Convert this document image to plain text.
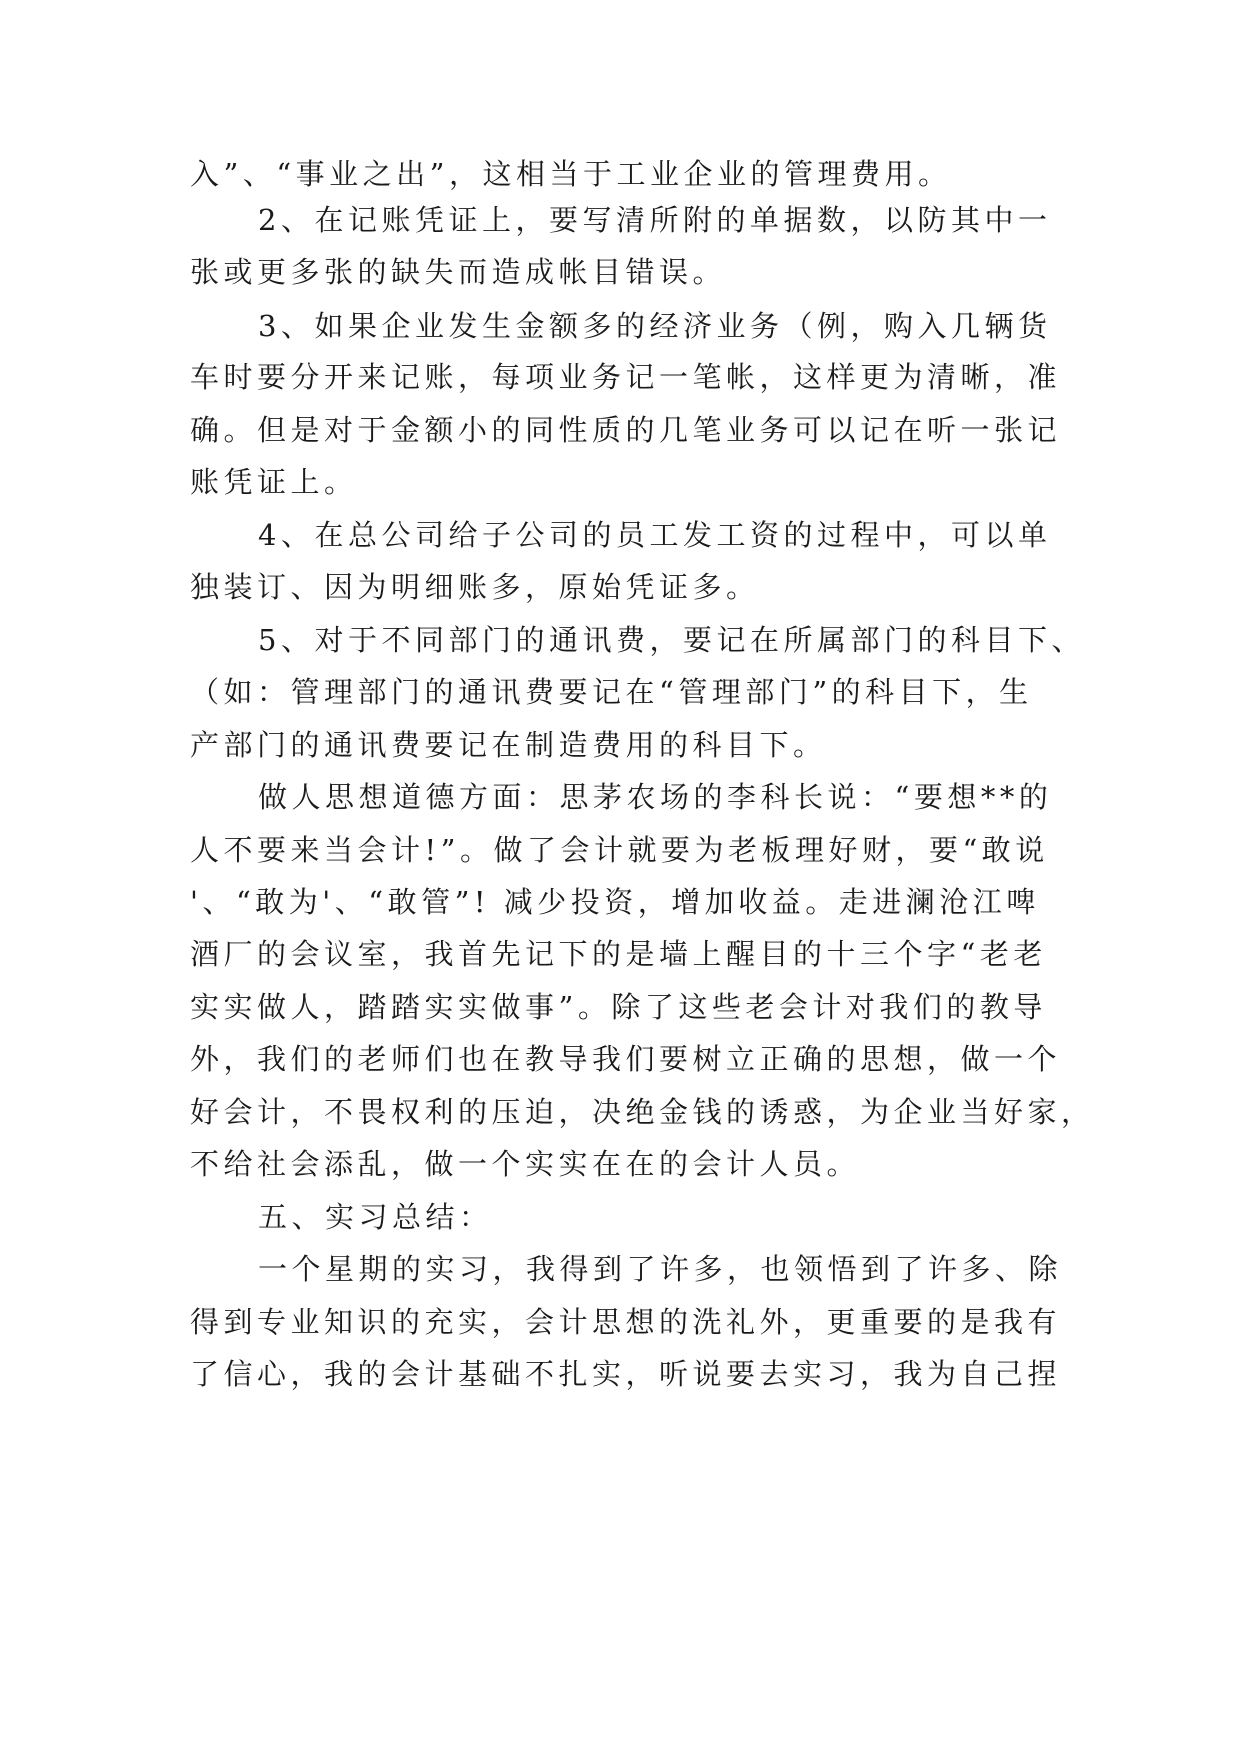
入”、“事业之出”，这相当于工业企业的管理费用。
2、在记账凭证上，要写清所附的单据数，以防其中一
张或更多张的缺失而造成帐目错误。
3、如果企业发生金额多的经济业务（例，购入几辆货
车时要分开来记账，每项业务记一笔帐，这样更为清晰，准
确。但是对于金额小的同性质的几笔业务可以记在听一张记
账凭证上。
4、在总公司给子公司的员工发工资的过程中，可以单
独装订、因为明细账多，原始凭证多。
5、对于不同部门的通讯费，要记在所属部门的科目下、
（如：管理部门的通讯费要记在“管理部门”的科目下，生
产部门的通讯费要记在制造费用的科目下。
做人思想道德方面：思茅农场的李科长说：“要想**的
人不要来当会计!”。做了会计就要为老板理好财，要“敢说
'、“敢为'、“敢管”! 减少投资，增加收益。走进澜沧江啤
酒厂的会议室，我首先记下的是墙上醒目的十三个字“老老
实实做人，踏踏实实做事”。除了这些老会计对我们的教导
外，我们的老师们也在教导我们要树立正确的思想，做一个
好会计，不畏权利的压迫，决绝金钱的诱惑，为企业当好家，
不给社会添乱，做一个实实在在的会计人员。
五、实习总结：
一个星期的实习，我得到了许多，也领悟到了许多、除
得到专业知识的充实，会计思想的洗礼外，更重要的是我有
了信心，我的会计基础不扎实，听说要去实习，我为自己捏
